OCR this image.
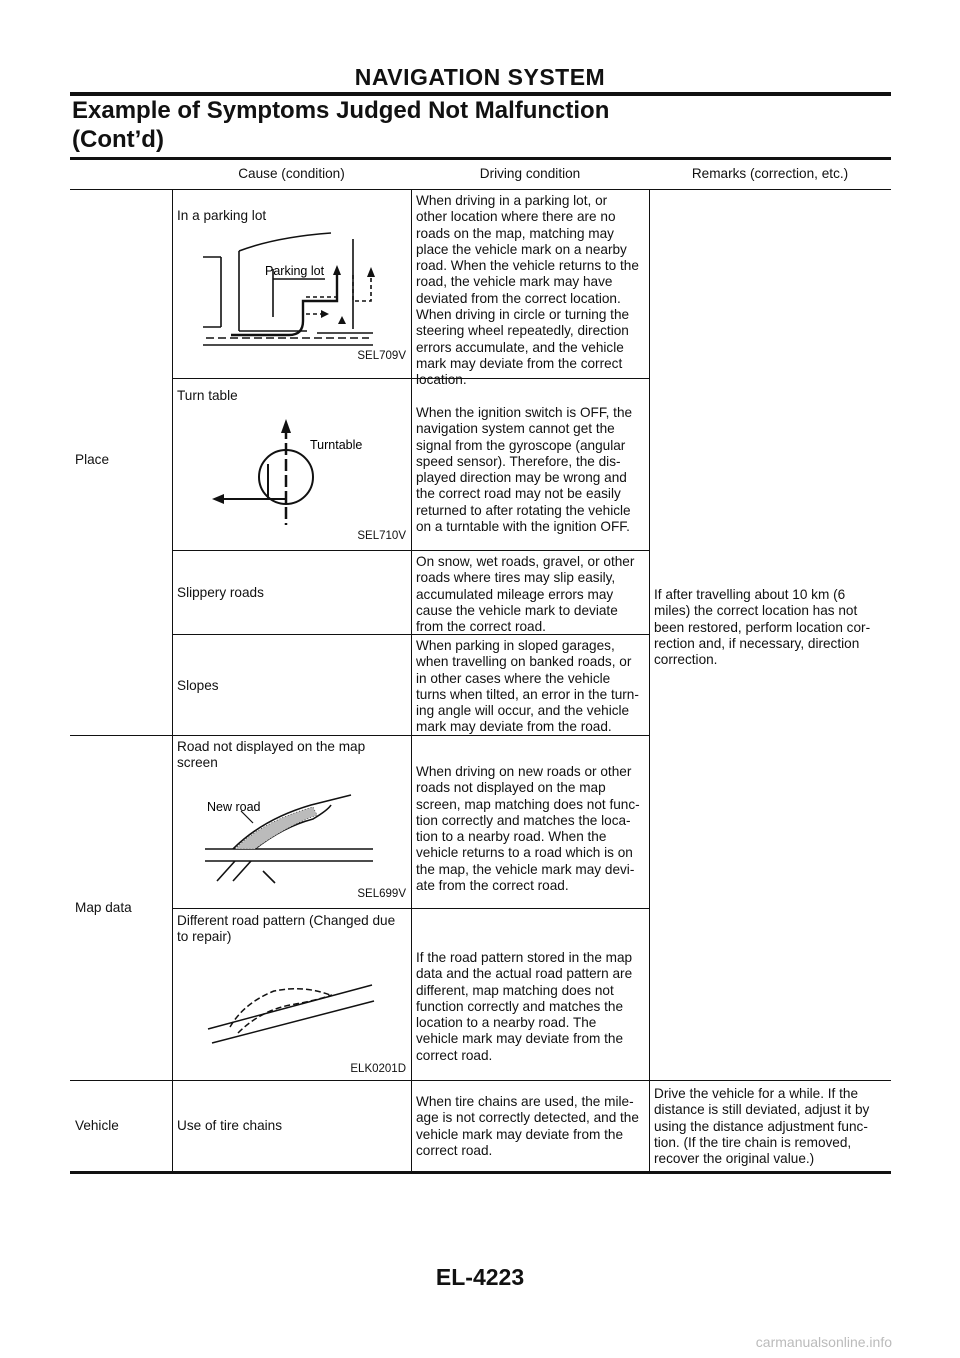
NAVIGATION SYSTEM
Example of Symptoms Judged Not Malfunction
(Cont’d)
Cause (condition)	Driving condition	Remarks (correction, etc.)
Place
Map data
Vehicle
In a parking lot
Parking lot
SEL709V
When driving in a parking lot, or
other location where there are no
roads on the map, matching may
place the vehicle mark on a nearby
road. When the vehicle returns to the
road, the vehicle mark may have
deviated from the correct location.
When driving in circle or turning the
steering wheel repeatedly, direction
errors accumulate, and the vehicle
mark may deviate from the correct
location.
Turn table
Turntable
SEL710V
When the ignition switch is OFF, the
navigation system cannot get the
signal from the gyroscope (angular
speed sensor). Therefore, the dis-
played direction may be wrong and
the correct road may not be easily
returned to after rotating the vehicle
on a turntable with the ignition OFF.
Slippery roads
On snow, wet roads, gravel, or other
roads where tires may slip easily,
accumulated mileage errors may
cause the vehicle mark to deviate
from the correct road.
Slopes
When parking in sloped garages,
when travelling on banked roads, or
in other cases where the vehicle
turns when tilted, an error in the turn-
ing angle will occur, and the vehicle
mark may deviate from the road.
If after travelling about 10 km (6
miles) the correct location has not
been restored, perform location cor-
rection and, if necessary, direction
correction.
Road not displayed on the map
screen
New road
SEL699V
When driving on new roads or other
roads not displayed on the map
screen, map matching does not func-
tion correctly and matches the loca-
tion to a nearby road. When the
vehicle returns to a road which is on
the map, the vehicle mark may devi-
ate from the correct road.
Different road pattern (Changed due
to repair)
ELK0201D
If the road pattern stored in the map
data and the actual road pattern are
different, map matching does not
function correctly and matches the
location to a nearby road. The
vehicle mark may deviate from the
correct road.
Use of tire chains
When tire chains are used, the mile-
age is not correctly detected, and the
vehicle mark may deviate from the
correct road.
Drive the vehicle for a while. If the
distance is still deviated, adjust it by
using the distance adjustment func-
tion. (If the tire chain is removed,
recover the original value.)
EL-4223
carmanualsonline.info
